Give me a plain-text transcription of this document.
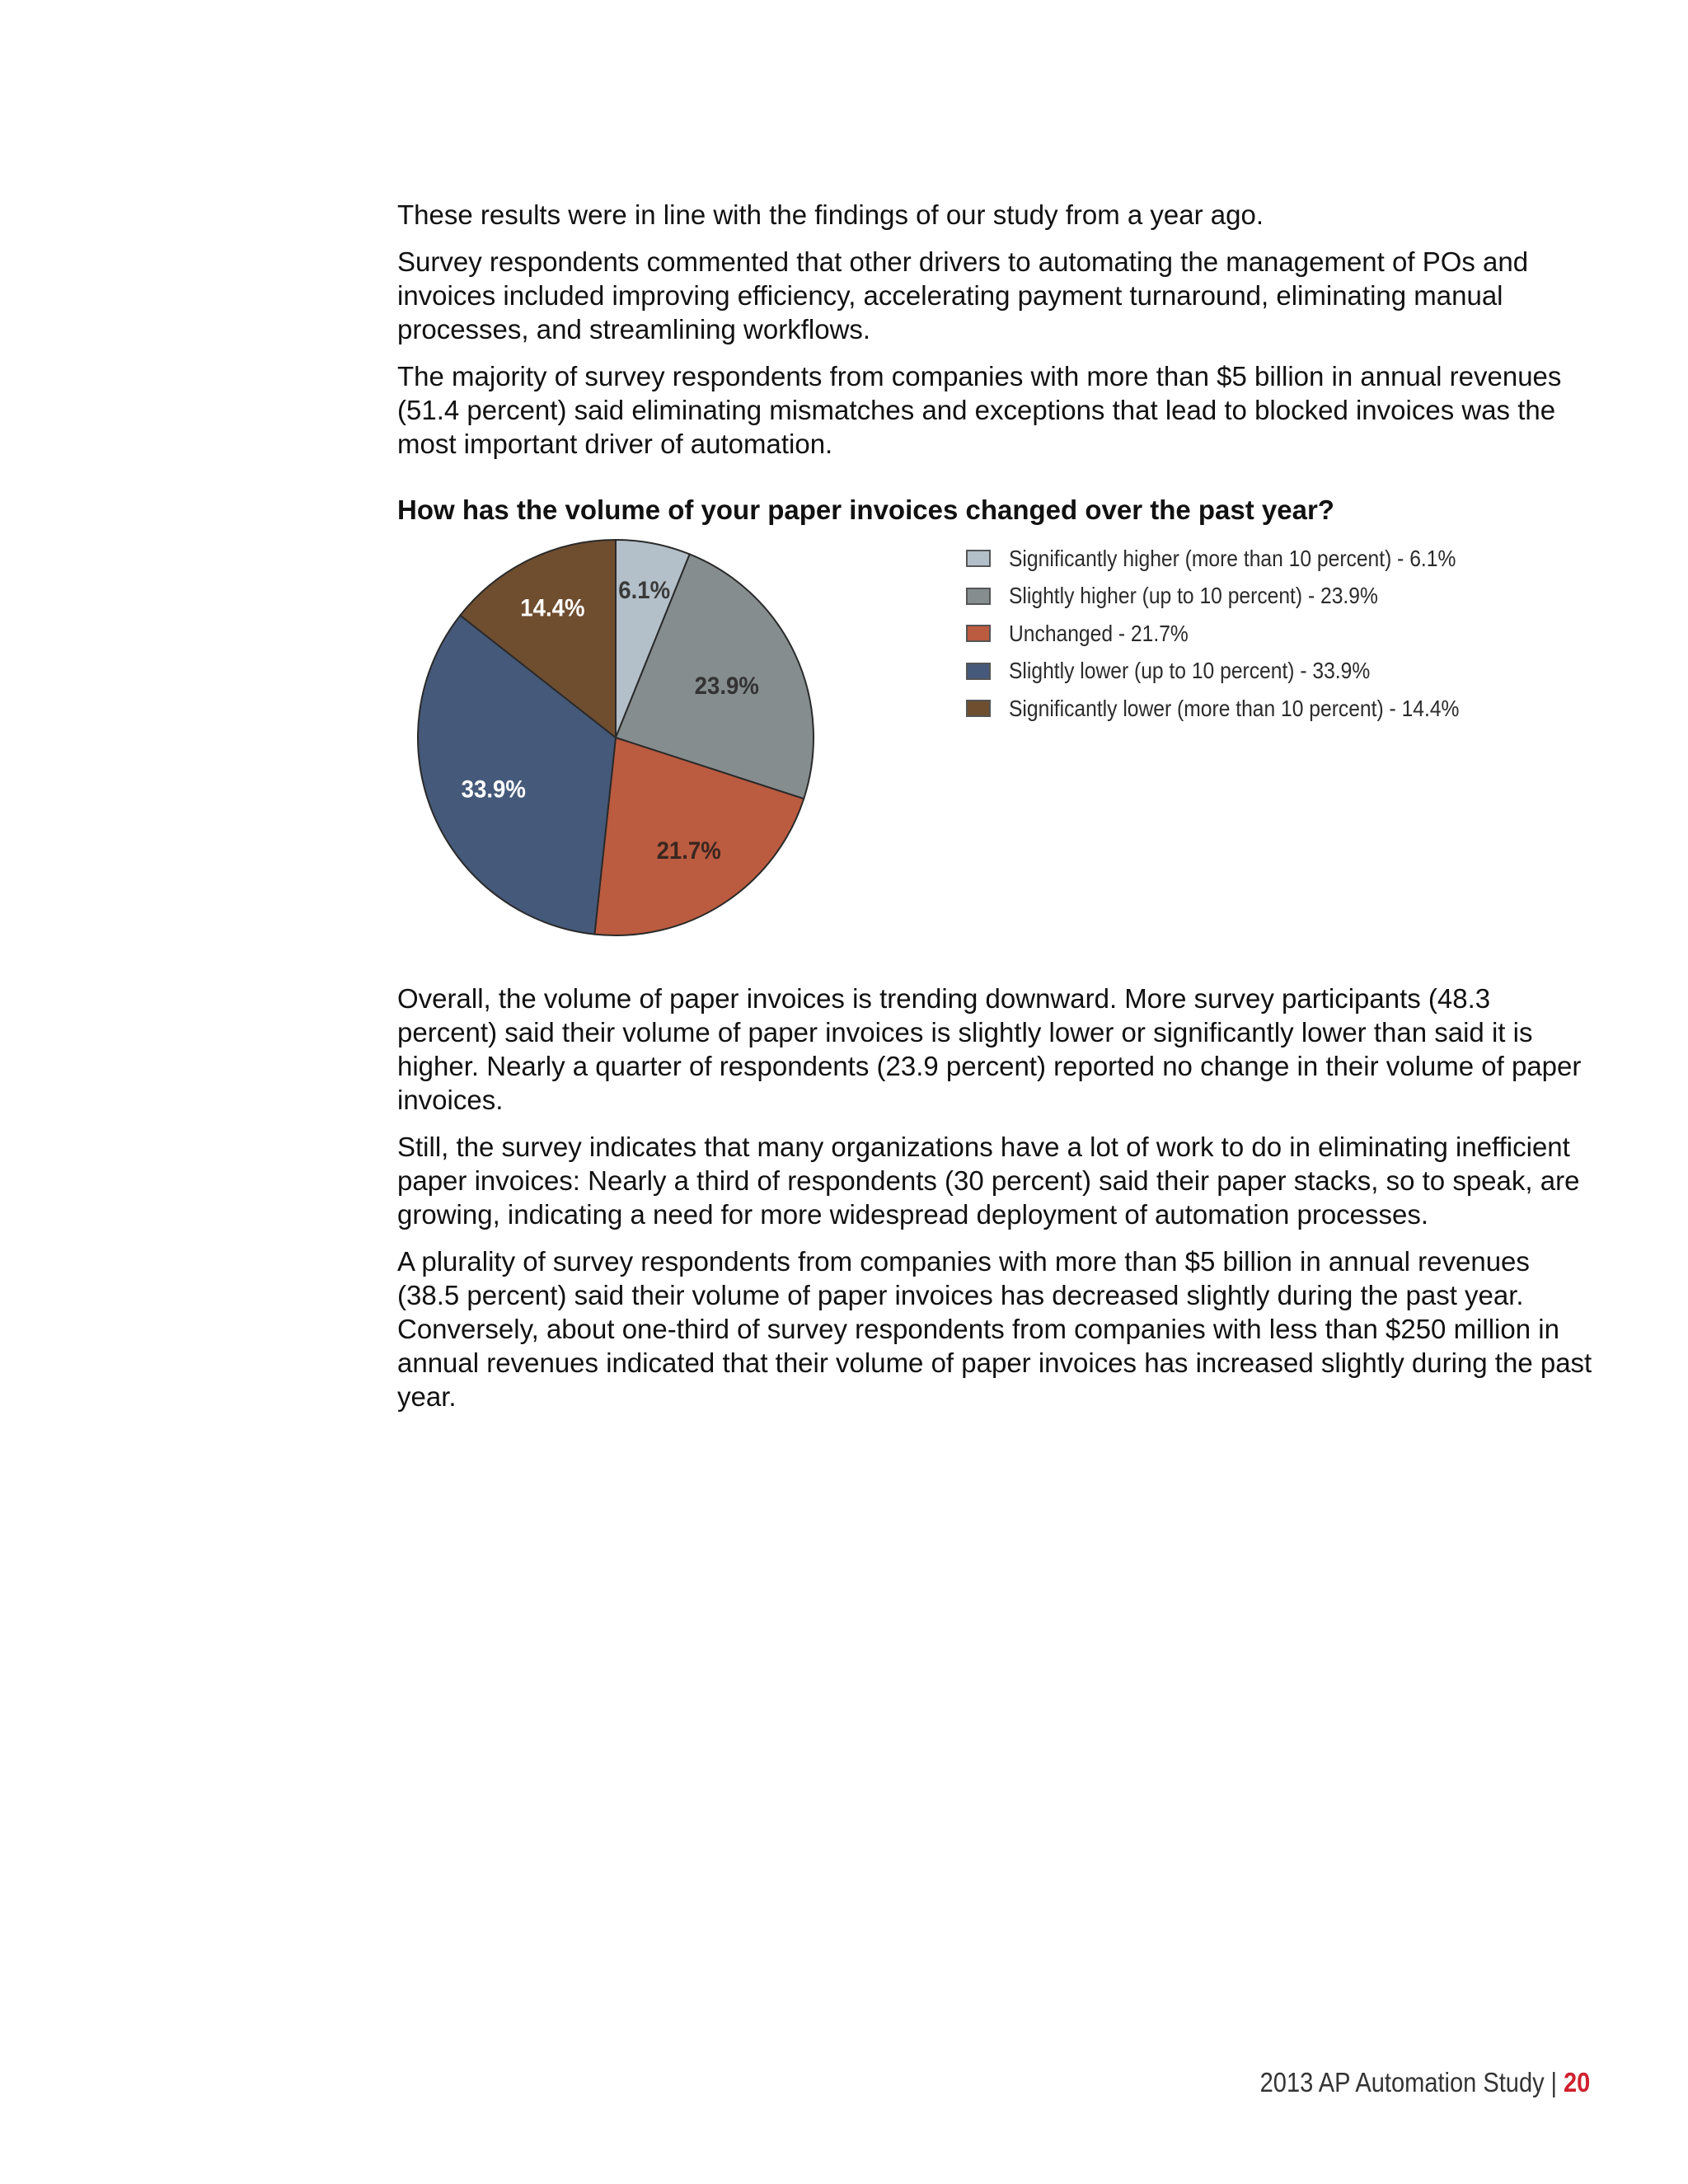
These results were in line with the findings of our study from a year ago.

Survey respondents commented that other drivers to automating the management of POs and invoices included improving efficiency, accelerating payment turnaround, eliminating manual processes, and streamlining workflows.

The majority of survey respondents from companies with more than $5 billion in annual revenues (51.4 percent) said eliminating mismatches and exceptions that lead to blocked invoices was the most important driver of automation.

How has the volume of your paper invoices changed over the past year?

6.1%
23.9%
21.7%
33.9%
14.4%
Significantly higher (more than 10 percent) - 6.1%
Slightly higher (up to 10 percent) - 23.9%
Unchanged - 21.7%
Slightly lower (up to 10 percent) - 33.9%
Significantly lower (more than 10 percent) - 14.4%

Overall, the volume of paper invoices is trending downward. More survey participants (48.3 percent) said their volume of paper invoices is slightly lower or significantly lower than said it is higher. Nearly a quarter of respondents (23.9 percent) reported no change in their volume of paper invoices.

Still, the survey indicates that many organizations have a lot of work to do in eliminating inefficient paper invoices: Nearly a third of respondents (30 percent) said their paper stacks, so to speak, are growing, indicating a need for more widespread deployment of automation processes.

A plurality of survey respondents from companies with more than $5 billion in annual revenues (38.5 percent) said their volume of paper invoices has decreased slightly during the past year. Conversely, about one-third of survey respondents from companies with less than $250 million in annual revenues indicated that their volume of paper invoices has increased slightly during the past year.

2013 AP Automation Study | 20
